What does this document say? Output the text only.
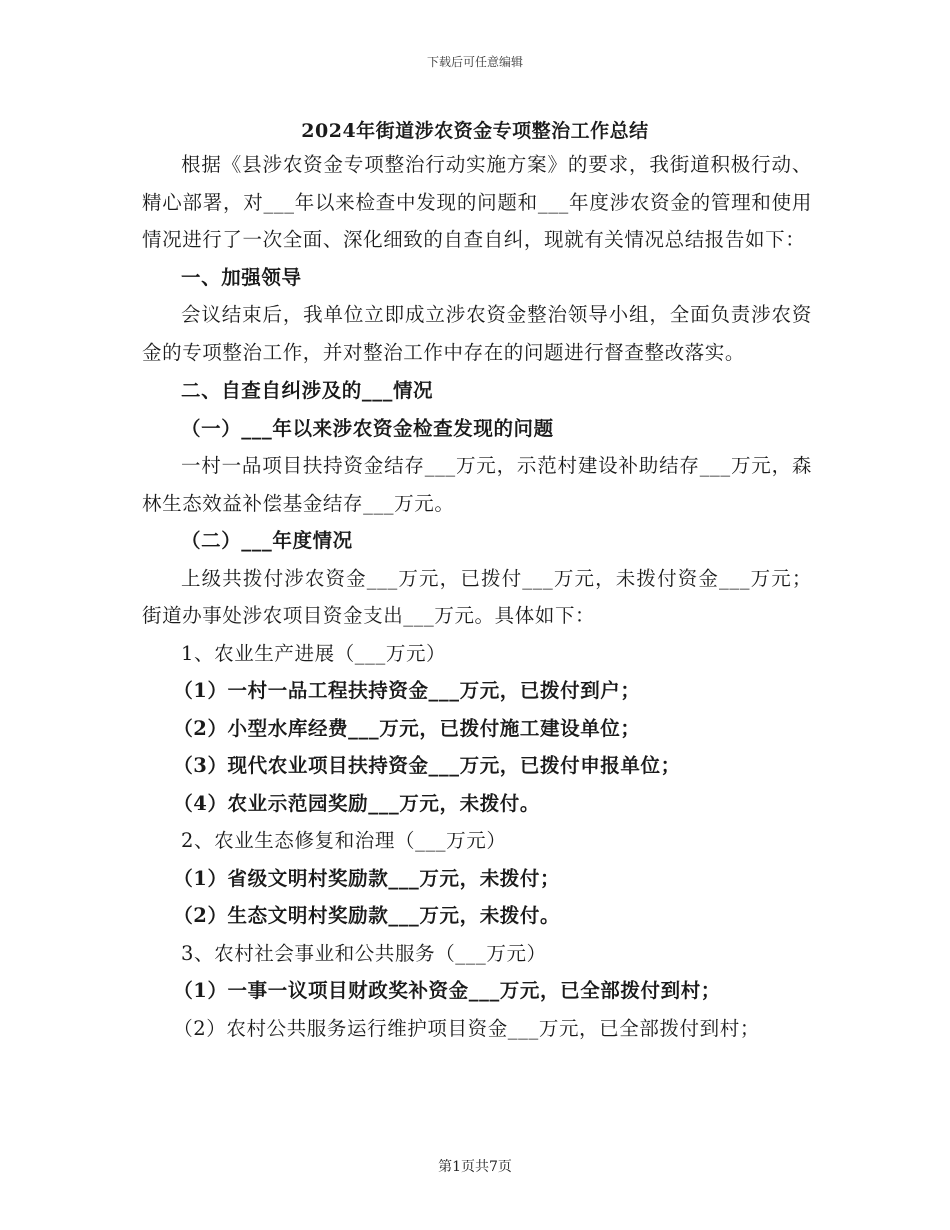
下载后可任意编辑
2024年街道涉农资金专项整治工作总结

根据《县涉农资金专项整治行动实施方案》的要求，我街道积极行动、精心部署，对___年以来检查中发现的问题和___年度涉农资金的管理和使用情况进行了一次全面、深化细致的自查自纠，现就有关情况总结报告如下：

一、加强领导

会议结束后，我单位立即成立涉农资金整治领导小组，全面负责涉农资金的专项整治工作，并对整治工作中存在的问题进行督查整改落实。

二、自查自纠涉及的___情况

（一）___年以来涉农资金检查发现的问题

一村一品项目扶持资金结存___万元，示范村建设补助结存___万元，森林生态效益补偿基金结存___万元。

（二）___年度情况

上级共拨付涉农资金___万元，已拨付___万元，未拨付资金___万元；街道办事处涉农项目资金支出___万元。具体如下：

1、农业生产进展（___万元）

（1）一村一品工程扶持资金___万元，已拨付到户；

（2）小型水库经费___万元，已拨付施工建设单位；

（3）现代农业项目扶持资金___万元，已拨付申报单位；

（4）农业示范园奖励___万元，未拨付。

2、农业生态修复和治理（___万元）

（1）省级文明村奖励款___万元，未拨付；

（2）生态文明村奖励款___万元，未拨付。

3、农村社会事业和公共服务（___万元）

（1）一事一议项目财政奖补资金___万元，已全部拨付到村；

（2）农村公共服务运行维护项目资金___万元，已全部拨付到村；

第1页共7页
